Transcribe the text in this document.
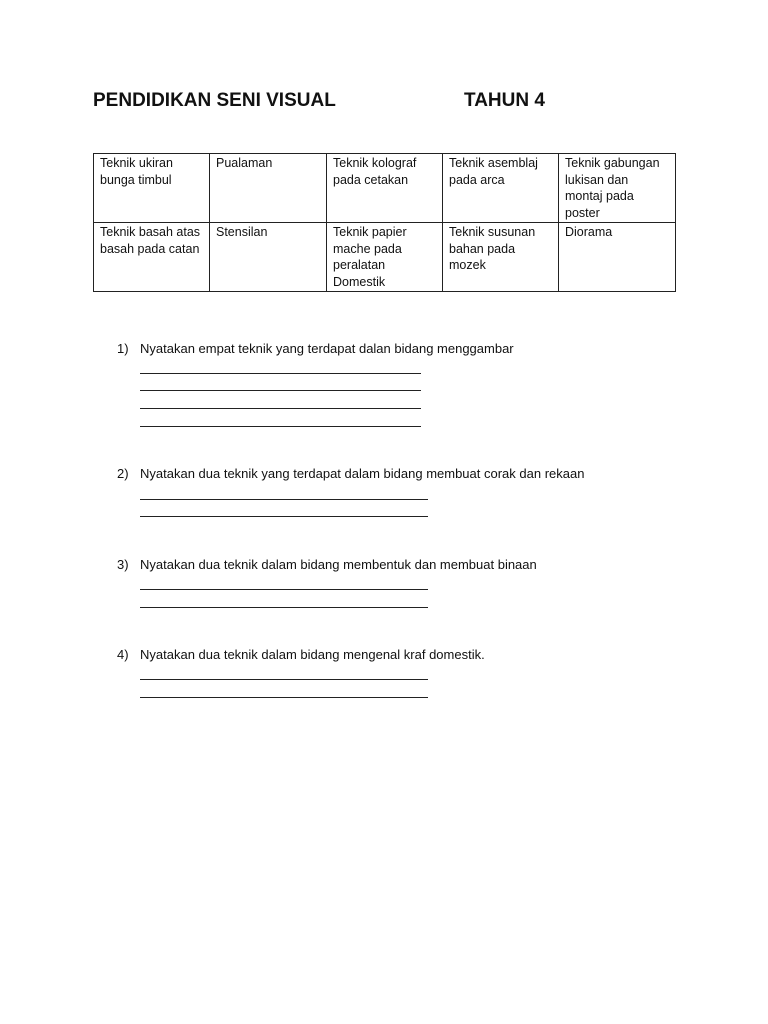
PENDIDIKAN SENI VISUAL	TAHUN 4
Teknik ukiran bunga timbul	Pualaman	Teknik kolograf pada cetakan	Teknik asemblaj pada arca	Teknik gabungan lukisan dan montaj pada poster
Teknik basah atas basah pada catan	Stensilan	Teknik papier mache pada peralatan Domestik	Teknik susunan bahan pada mozek	Diorama
1) Nyatakan empat teknik yang terdapat dalan bidang menggambar
2) Nyatakan dua teknik yang terdapat dalam bidang membuat corak dan rekaan
3) Nyatakan dua teknik dalam bidang membentuk dan membuat binaan
4) Nyatakan dua teknik dalam bidang mengenal kraf domestik.
